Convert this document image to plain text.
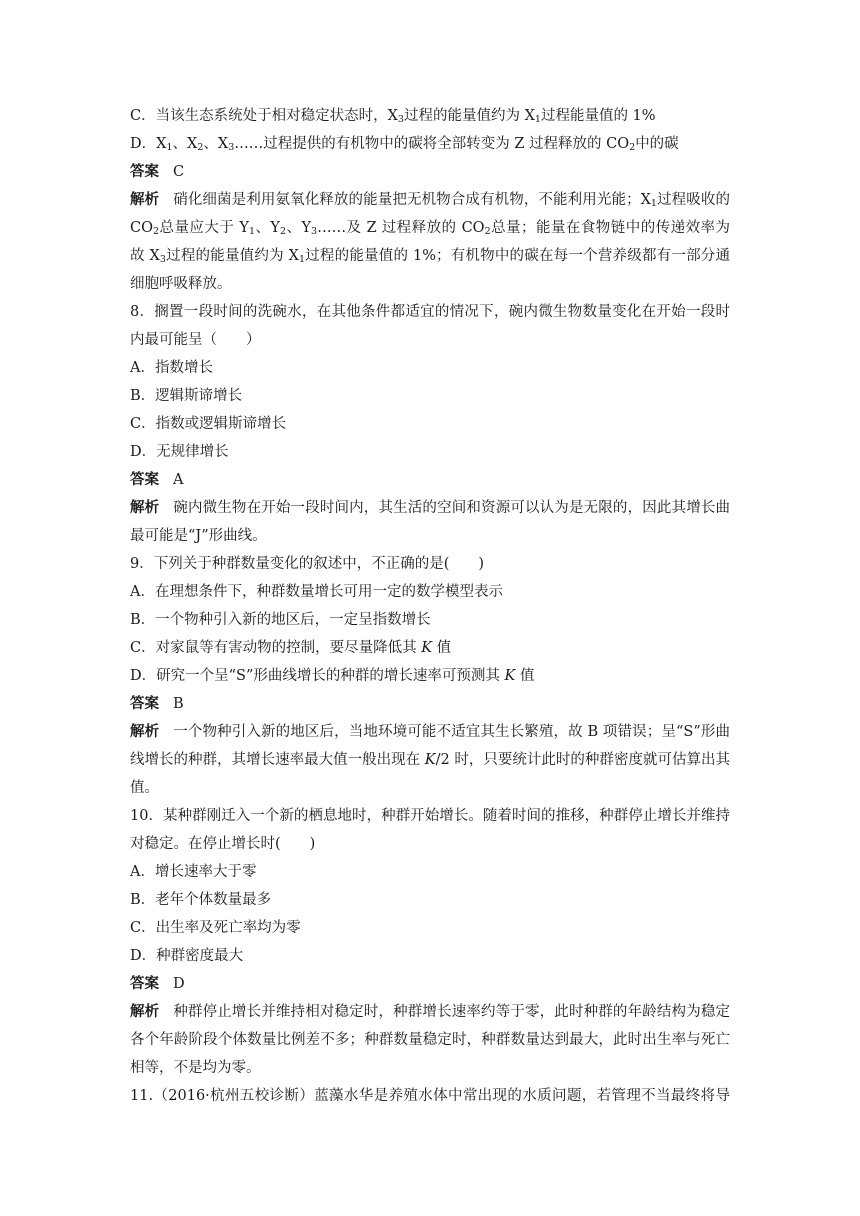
C．当该生态系统处于相对稳定状态时，$X_3$过程的能量值约为 $X_1$过程能量值的 1%
D．$X_1$、$X_2$、$X_3\dots\dots$过程提供的有机物中的碳将全部转变为 Z 过程释放的 $CO_2$中的碳
答案 C
解析 硝化细菌是利用氨氧化释放的能量把无机物合成有机物，不能利用光能；$X_1$过程吸收的
$CO_2$总量应大于 $Y_1$、$Y_2$、$Y_3\dots\dots$及 Z 过程释放的 $CO_2$总量；能量在食物链中的传递效率为
故 $X_3$过程的能量值约为 $X_1$过程的能量值的 1%；有机物中的碳在每一个营养级都有一部分通
细胞呼吸释放。
8．搁置一段时间的洗碗水，在其他条件都适宜的情况下，碗内微生物数量变化在开始一段时
内最可能呈（　　）
A．指数增长
B．逻辑斯谛增长
C．指数或逻辑斯谛增长
D．无规律增长
答案 A
解析 碗内微生物在开始一段时间内，其生活的空间和资源可以认为是无限的，因此其增长曲
最可能是“J”形曲线。
9．下列关于种群数量变化的叙述中，不正确的是(　　)
A．在理想条件下，种群数量增长可用一定的数学模型表示
B．一个物种引入新的地区后，一定呈指数增长
C．对家鼠等有害动物的控制，要尽量降低其 K 值
D．研究一个呈“S”形曲线增长的种群的增长速率可预测其 K 值
答案 B
解析 一个物种引入新的地区后，当地环境可能不适宜其生长繁殖，故 B 项错误；呈“S”形曲
线增长的种群，其增长速率最大值一般出现在 K/2 时，只要统计此时的种群密度就可估算出其
值。
10．某种群刚迁入一个新的栖息地时，种群开始增长。随着时间的推移，种群停止增长并维持
对稳定。在停止增长时(　　)
A．增长速率大于零
B．老年个体数量最多
C．出生率及死亡率均为零
D．种群密度最大
答案 D
解析 种群停止增长并维持相对稳定时，种群增长速率约等于零，此时种群的年龄结构为稳定
各个年龄阶段个体数量比例差不多；种群数量稳定时，种群数量达到最大，此时出生率与死亡
相等，不是均为零。
11.（2016·杭州五校诊断）蓝藻水华是养殖水体中常出现的水质问题，若管理不当最终将导
